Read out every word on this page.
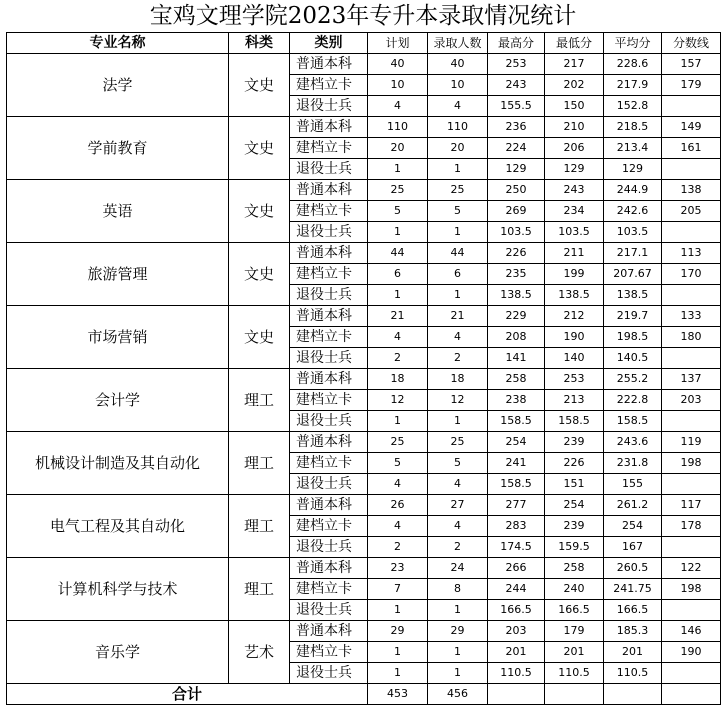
宝鸡文理学院2023年专升本录取情况统计
专业名称	科类	类别	计划	录取人数	最高分	最低分	平均分	分数线
法学	文史	普通本科	40	40	253	217	228.6	157
		建档立卡	10	10	243	202	217.9	179
		退役士兵	4	4	155.5	150	152.8	
学前教育	文史	普通本科	110	110	236	210	218.5	149
		建档立卡	20	20	224	206	213.4	161
		退役士兵	1	1	129	129	129	
英语	文史	普通本科	25	25	250	243	244.9	138
		建档立卡	5	5	269	234	242.6	205
		退役士兵	1	1	103.5	103.5	103.5	
旅游管理	文史	普通本科	44	44	226	211	217.1	113
		建档立卡	6	6	235	199	207.67	170
		退役士兵	1	1	138.5	138.5	138.5	
市场营销	文史	普通本科	21	21	229	212	219.7	133
		建档立卡	4	4	208	190	198.5	180
		退役士兵	2	2	141	140	140.5	
会计学	理工	普通本科	18	18	258	253	255.2	137
		建档立卡	12	12	238	213	222.8	203
		退役士兵	1	1	158.5	158.5	158.5	
机械设计制造及其自动化	理工	普通本科	25	25	254	239	243.6	119
		建档立卡	5	5	241	226	231.8	198
		退役士兵	4	4	158.5	151	155	
电气工程及其自动化	理工	普通本科	26	27	277	254	261.2	117
		建档立卡	4	4	283	239	254	178
		退役士兵	2	2	174.5	159.5	167	
计算机科学与技术	理工	普通本科	23	24	266	258	260.5	122
		建档立卡	7	8	244	240	241.75	198
		退役士兵	1	1	166.5	166.5	166.5	
音乐学	艺术	普通本科	29	29	203	179	185.3	146
		建档立卡	1	1	201	201	201	190
		退役士兵	1	1	110.5	110.5	110.5	
合计			453	456				
